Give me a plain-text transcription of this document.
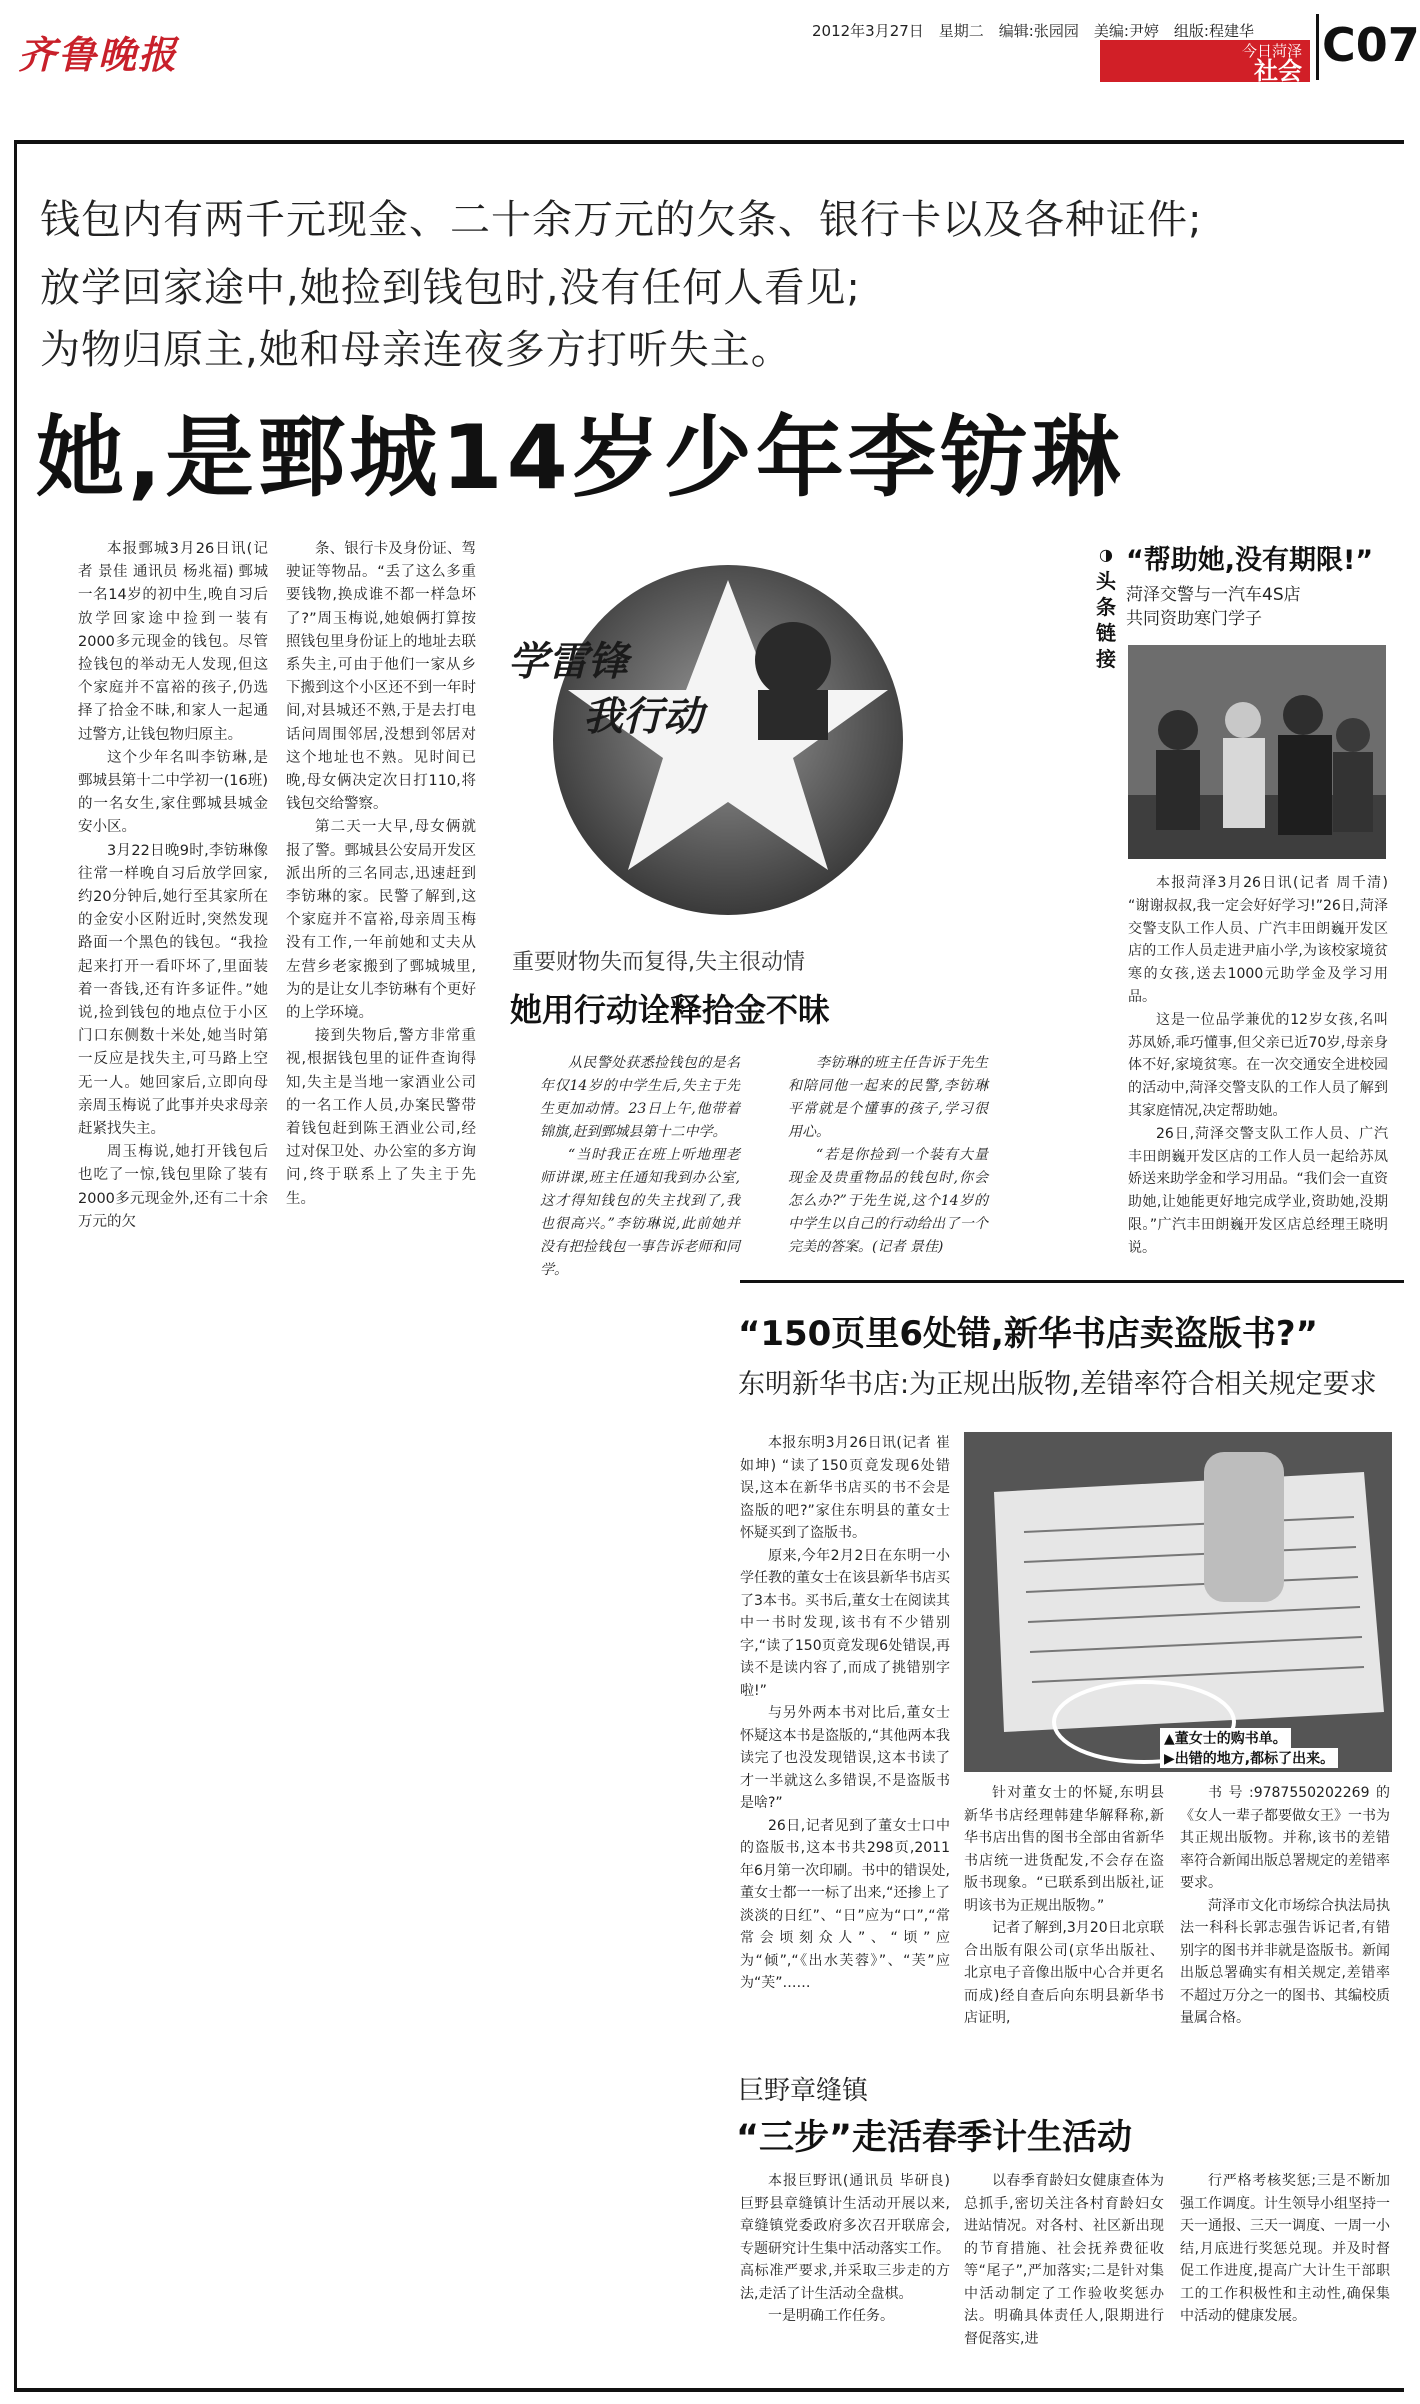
齐鲁晚报
2012年3月27日　星期二　编辑:张园园　美编:尹婷　组版:程建华
今日菏泽
社会 C07
钱包内有两千元现金、二十余万元的欠条、银行卡以及各种证件;
放学回家途中,她捡到钱包时,没有任何人看见;
为物归原主,她和母亲连夜多方打听失主。
她,是鄄城14岁少年李钫琳

本报鄄城3月26日讯(记者 景佳 通讯员 杨兆福) 鄄城一名14岁的初中生,晚自习后放学回家途中捡到一装有2000多元现金的钱包。尽管捡钱包的举动无人发现,但这个家庭并不富裕的孩子,仍选择了拾金不昧,和家人一起通过警方,让钱包物归原主。

这个少年名叫李钫琳,是鄄城县第十二中学初一(16班)的一名女生,家住鄄城县城金安小区。

3月22日晚9时,李钫琳像往常一样晚自习后放学回家,约20分钟后,她行至其家所在的金安小区附近时,突然发现路面一个黑色的钱包。“我捡起来打开一看吓坏了,里面装着一沓钱,还有许多证件。”她说,捡到钱包的地点位于小区门口东侧数十米处,她当时第一反应是找失主,可马路上空无一人。她回家后,立即向母亲周玉梅说了此事并央求母亲赶紧找失主。

周玉梅说,她打开钱包后也吃了一惊,钱包里除了装有2000多元现金外,还有二十余万元的欠

条、银行卡及身份证、驾驶证等物品。“丢了这么多重要钱物,换成谁不都一样急坏了?”周玉梅说,她娘俩打算按照钱包里身份证上的地址去联系失主,可由于他们一家从乡下搬到这个小区还不到一年时间,对县城还不熟,于是去打电话问周围邻居,没想到邻居对这个地址也不熟。见时间已晚,母女俩决定次日打110,将钱包交给警察。

第二天一大早,母女俩就报了警。鄄城县公安局开发区派出所的三名同志,迅速赶到李钫琳的家。民警了解到,这个家庭并不富裕,母亲周玉梅没有工作,一年前她和丈夫从左营乡老家搬到了鄄城城里,为的是让女儿李钫琳有个更好的上学环境。

接到失物后,警方非常重视,根据钱包里的证件查询得知,失主是当地一家酒业公司的一名工作人员,办案民警带着钱包赶到陈王酒业公司,经过对保卫处、办公室的多方询问,终于联系上了失主于先生。

学雷锋
我行动
重要财物失而复得,失主很动情
她用行动诠释拾金不昧

从民警处获悉捡钱包的是名年仅14岁的中学生后,失主于先生更加动情。23日上午,他带着锦旗,赶到鄄城县第十二中学。

“当时我正在班上听地理老师讲课,班主任通知我到办公室,这才得知钱包的失主找到了,我也很高兴。”李钫琳说,此前她并没有把捡钱包一事告诉老师和同学。

李钫琳的班主任告诉于先生和陪同他一起来的民警,李钫琳平常就是个懂事的孩子,学习很用心。

“若是你捡到一个装有大量现金及贵重物品的钱包时,你会怎么办?”于先生说,这个14岁的中学生以自己的行动给出了一个完美的答案。(记者 景佳)

◑
头条链接
“帮助她,没有期限!”
菏泽交警与一汽车4S店
共同资助寒门学子

本报菏泽3月26日讯(记者 周千清) “谢谢叔叔,我一定会好好学习!”26日,菏泽交警支队工作人员、广汽丰田朗巍开发区店的工作人员走进尹庙小学,为该校家境贫寒的女孩,送去1000元助学金及学习用品。

这是一位品学兼优的12岁女孩,名叫苏凤娇,乖巧懂事,但父亲已近70岁,母亲身体不好,家境贫寒。在一次交通安全进校园的活动中,菏泽交警支队的工作人员了解到其家庭情况,决定帮助她。

26日,菏泽交警支队工作人员、广汽丰田朗巍开发区店的工作人员一起给苏凤娇送来助学金和学习用品。“我们会一直资助她,让她能更好地完成学业,资助她,没期限。”广汽丰田朗巍开发区店总经理王晓明说。

“150页里6处错,新华书店卖盗版书?”
东明新华书店:为正规出版物,差错率符合相关规定要求

本报东明3月26日讯(记者 崔如坤) “读了150页竟发现6处错误,这本在新华书店买的书不会是盗版的吧?”家住东明县的董女士怀疑买到了盗版书。

原来,今年2月2日在东明一小学任教的董女士在该县新华书店买了3本书。买书后,董女士在阅读其中一书时发现,该书有不少错别字,“读了150页竟发现6处错误,再读不是读内容了,而成了挑错别字啦!”

与另外两本书对比后,董女士怀疑这本书是盗版的,“其他两本我读完了也没发现错误,这本书读了才一半就这么多错误,不是盗版书是啥?”

26日,记者见到了董女士口中的盗版书,这本书共298页,2011年6月第一次印刷。书中的错误处,董女士都一一标了出来,“还掺上了淡淡的日红”、“日”应为“口”,“常常会顷刻众人”、“顷”应为“倾”,“《出水芙蓉》”、“芙”应为“芙”……

▲董女士的购书单。
▶出错的地方,都标了出来。

针对董女士的怀疑,东明县新华书店经理韩建华解释称,新华书店出售的图书全部由省新华书店统一进货配发,不会存在盗版书现象。“已联系到出版社,证明该书为正规出版物。”

记者了解到,3月20日北京联合出版有限公司(京华出版社、北京电子音像出版中心合并更名而成)经自查后向东明县新华书店证明,

书号:9787550202269的《女人一辈子都要做女王》一书为其正规出版物。并称,该书的差错率符合新闻出版总署规定的差错率要求。

菏泽市文化市场综合执法局执法一科科长郭志强告诉记者,有错别字的图书并非就是盗版书。新闻出版总署确实有相关规定,差错率不超过万分之一的图书、其编校质量属合格。

巨野章缝镇
“三步”走活春季计生活动

本报巨野讯(通讯员 毕研良) 巨野县章缝镇计生活动开展以来,章缝镇党委政府多次召开联席会,专题研究计生集中活动落实工作。高标准严要求,并采取三步走的方法,走活了计生活动全盘棋。

一是明确工作任务。

以春季育龄妇女健康查体为总抓手,密切关注各村育龄妇女进站情况。对各村、社区新出现的节育措施、社会抚养费征收等“尾子”,严加落实;二是针对集中活动制定了工作验收奖惩办法。明确具体责任人,限期进行督促落实,进

行严格考核奖惩;三是不断加强工作调度。计生领导小组坚持一天一通报、三天一调度、一周一小结,月底进行奖惩兑现。并及时督促工作进度,提高广大计生干部职工的工作积极性和主动性,确保集中活动的健康发展。
